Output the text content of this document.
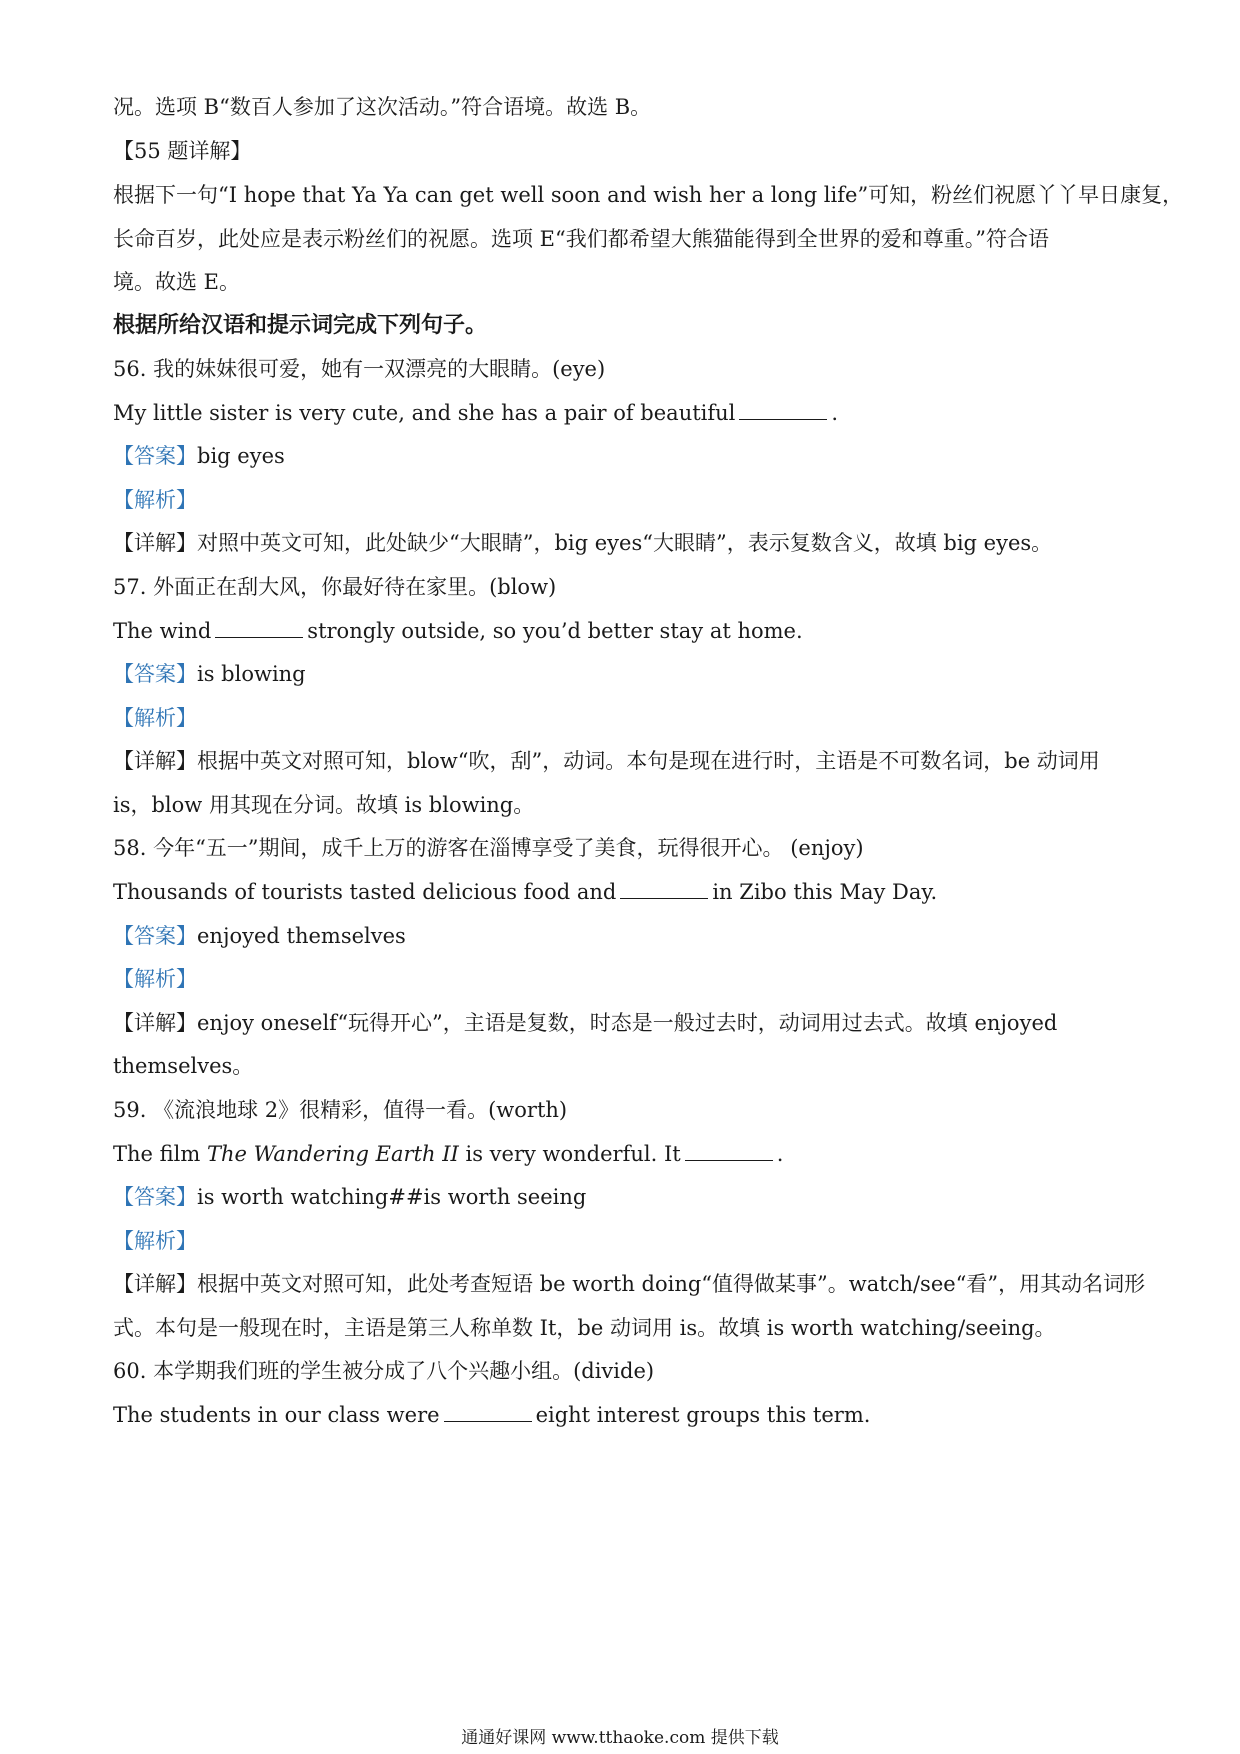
况。选项 B“数百人参加了这次活动。”符合语境。故选 B。
【55 题详解】
根据下一句“I hope that Ya Ya can get well soon and wish her a long life”可知，粉丝们祝愿丫丫早日康复，
长命百岁，此处应是表示粉丝们的祝愿。选项 E“我们都希望大熊猫能得到全世界的爱和尊重。”符合语
境。故选 E。
根据所给汉语和提示词完成下列句子。
56. 我的妹妹很可爱，她有一双漂亮的大眼睛。(eye)
My little sister is very cute, and she has a pair of beautiful	.
【答案】big eyes
【解析】
【详解】对照中英文可知，此处缺少“大眼睛”，big eyes“大眼睛”，表示复数含义，故填 big eyes。
57. 外面正在刮大风，你最好待在家里。(blow)
The wind	strongly outside, so you’d better stay at home.
【答案】is blowing
【解析】
【详解】根据中英文对照可知，blow“吹，刮”，动词。本句是现在进行时，主语是不可数名词，be 动词用
is，blow 用其现在分词。故填 is blowing。
58. 今年“五一”期间，成千上万的游客在淄博享受了美食，玩得很开心。 (enjoy)
Thousands of tourists tasted delicious food and	in Zibo this May Day.
【答案】enjoyed themselves
【解析】
【详解】enjoy oneself“玩得开心”，主语是复数，时态是一般过去时，动词用过去式。故填 enjoyed
themselves。
59. 《流浪地球 2》很精彩，值得一看。(worth)
The film The Wandering Earth II is very wonderful. It	.
【答案】is worth watching##is worth seeing
【解析】
【详解】根据中英文对照可知，此处考查短语 be worth doing“值得做某事”。watch/see“看”，用其动名词形
式。本句是一般现在时，主语是第三人称单数 It，be 动词用 is。故填 is worth watching/seeing。
60. 本学期我们班的学生被分成了八个兴趣小组。(divide)
The students in our class were	eight interest groups this term.
通通好课网 www.tthaoke.com 提供下载
